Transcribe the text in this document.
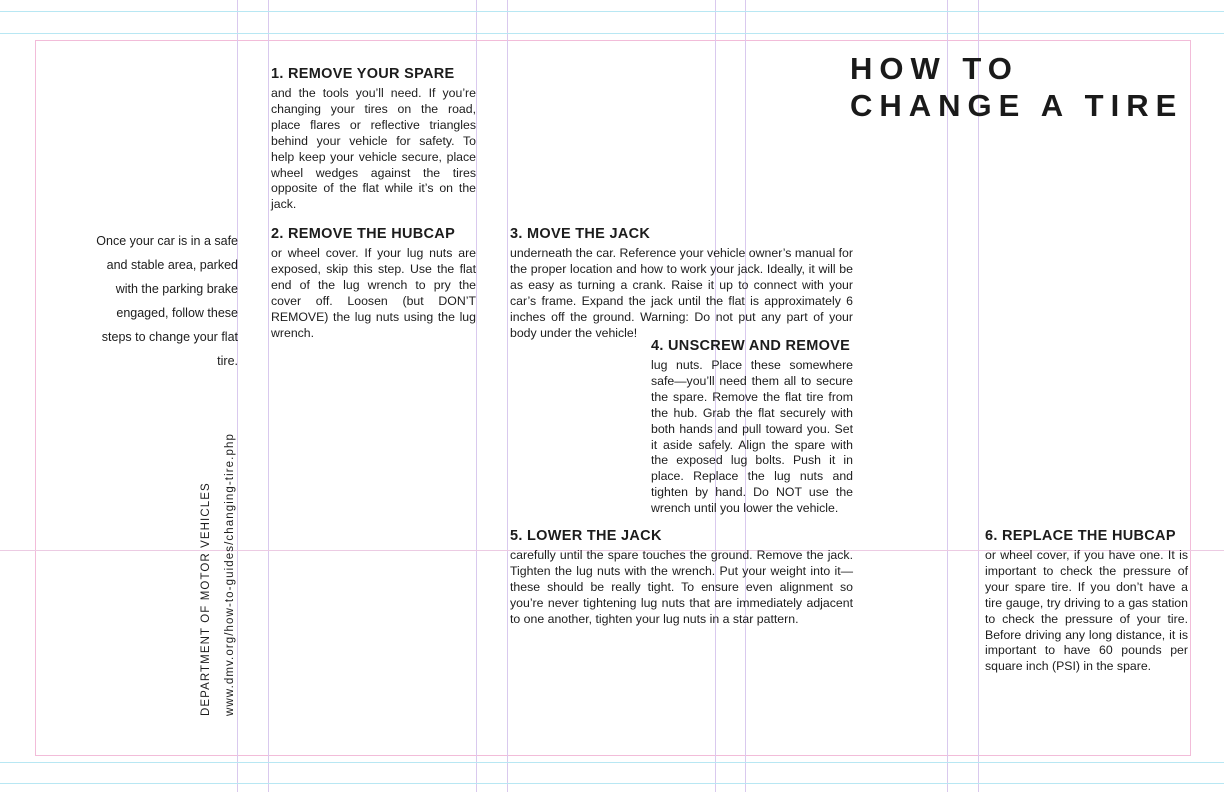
HOW TO
CHANGE A TIRE
Once your car is in a safe and stable area, parked with the parking brake engaged, follow these steps to change your flat tire.
DEPARTMENT OF MOTOR VEHICLES www.dmv.org/how-to-guides/changing-tire.php
1. REMOVE YOUR SPARE

and the tools you’ll need. If you’re changing your tires on the road, place flares or reflective triangles behind your vehicle for safety. To help keep your vehicle secure, place wheel wedges against the tires opposite of the flat while it’s on the jack.

2. REMOVE THE HUBCAP

or wheel cover. If your lug nuts are exposed, skip this step. Use the flat end of the lug wrench to pry the cover off. Loosen (but DON’T REMOVE) the lug nuts using the lug wrench.

3. MOVE THE JACK

underneath the car. Reference your vehicle owner’s manual for the proper location and how to work your jack. Ideally, it will be as easy as turning a crank. Raise it up to connect with your car’s frame. Expand the jack until the flat is approximately 6 inches off the ground. Warning: Do not put any part of your body under the vehicle!

4. UNSCREW AND REMOVE

lug nuts. Place these somewhere safe—you’ll need them all to secure the spare. Remove the flat tire from the hub. Grab the flat securely with both hands and pull toward you. Set it aside safely. Align the spare with the exposed lug bolts. Push it in place. Replace the lug nuts and tighten by hand. Do NOT use the wrench until you lower the vehicle.

5. LOWER THE JACK

carefully until the spare touches the ground. Remove the jack. Tighten the lug nuts with the wrench. Put your weight into it—these should be really tight. To ensure even alignment so you’re never tightening lug nuts that are immediately adjacent to one another, tighten your lug nuts in a star pattern.

6. REPLACE THE HUBCAP

or wheel cover, if you have one. It is important to check the pressure of your spare tire. If you don’t have a tire gauge, try driving to a gas station to check the pressure of your tire. Before driving any long distance, it is important to have 60 pounds per square inch (PSI) in the spare.
